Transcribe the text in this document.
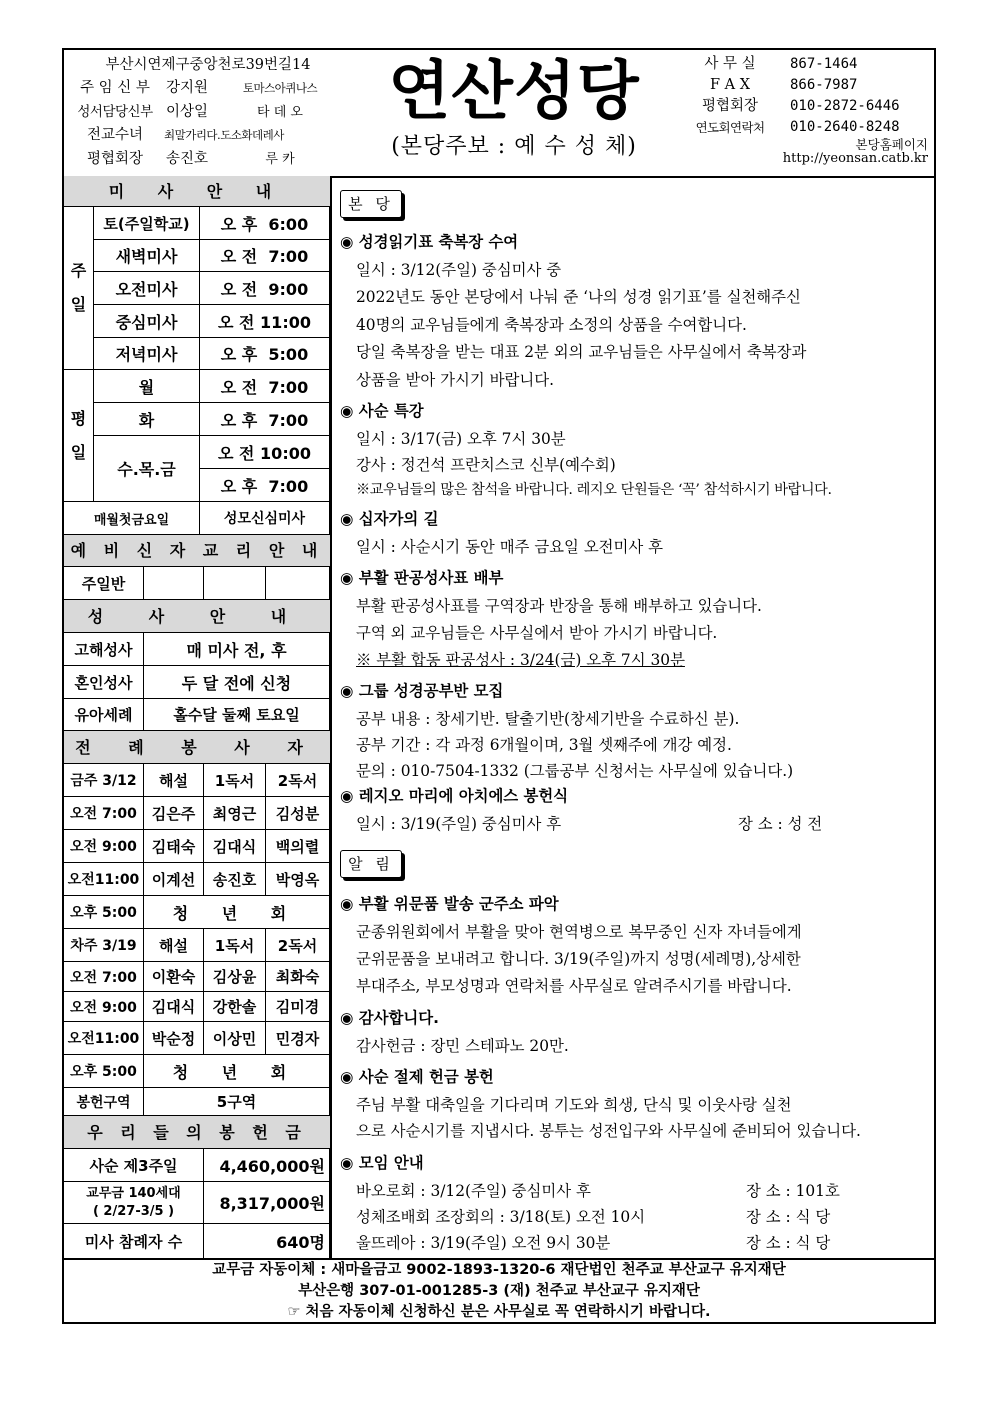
부산시연제구중앙천로39번길14
주 임 신 부	강지원	토마스아퀴나스
성서담당신부 이상일	타 데 오
전교수녀	최말가리다.도소화데레사
평협회장	송진호	루 카
연산성당
(본당주보 : 예 수 성 체)
사 무 실	867-1464
F A X	866-7987
평협회장	010-2872-6446
연도회연락처	010-2640-8248
본당홈페이지
http://yeonsan.catb.kr
미 사 안 내
주일
토(주일학교)	오 후  6:00
새벽미사	오 전  7:00
오전미사	오 전  9:00
중심미사	오 전 11:00
저녁미사	오 후  5:00
평일
월	오 전  7:00
화	오 후  7:00
수.목.금
오 전 10:00
오 후  7:00
매월첫금요일	성모신심미사
예 비 신 자 교 리 안 내
주일반
성 사 안 내
고해성사	매 미사 전, 후
혼인성사	두 달 전에 신청
유아세례	홀수달 둘째 토요일
전 례 봉 사 자
금주 3/12	해설	1독서	2독서
오전 7:00 김은주	최영근	김성분
오전 9:00 김태숙	김대식	백의렬
오전11:00 이계선	송진호	박영옥
오후 5:00	청 년 회
차주 3/19	해설	1독서	2독서
오전 7:00 이환숙	김상윤	최화숙
오전 9:00 김대식	강한솔	김미경
오전11:00 박순정	이상민	민경자
오후 5:00	청 년 회
봉헌구역	5구역
우 리 들 의 봉 헌 금
사순 제3주일	4,460,000원
교무금 140세대
( 2/27-3/5 )	8,317,000원
미사 참례자 수	640명
본 당
◉ 성경읽기표 축복장 수여
일시 : 3/12(주일) 중심미사 중
2022년도 동안 본당에서 나눠 준 ‘나의 성경 읽기표’를 실천해주신
40명의 교우님들에게 축복장과 소정의 상품을 수여합니다.
당일 축복장을 받는 대표 2분 외의 교우님들은 사무실에서 축복장과
상품을 받아 가시기 바랍니다.
◉ 사순 특강
일시 : 3/17(금) 오후 7시 30분
강사 : 정건석 프란치스코 신부(예수회)
※교우님들의 많은 참석을 바랍니다. 레지오 단원들은 ‘꼭’ 참석하시기 바랍니다.
◉ 십자가의 길
일시 : 사순시기 동안 매주 금요일 오전미사 후
◉ 부활 판공성사표 배부
부활 판공성사표를 구역장과 반장을 통해 배부하고 있습니다.
구역 외 교우님들은 사무실에서 받아 가시기 바랍니다.
※ 부활 합동 판공성사 : 3/24(금) 오후 7시 30분
◉ 그룹 성경공부반 모집
공부 내용 : 창세기반. 탈출기반(창세기반을 수료하신 분).
공부 기간 : 각 과정 6개월이며, 3월 셋째주에 개강 예정.
문의 : 010-7504-1332 (그룹공부 신청서는 사무실에 있습니다.)
◉ 레지오 마리에 아치에스 봉헌식
일시 : 3/19(주일) 중심미사 후	장 소 : 성 전
알 림
◉ 부활 위문품 발송 군주소 파악
군종위원회에서 부활을 맞아 현역병으로 복무중인 신자 자녀들에게
군위문품을 보내려고 합니다. 3/19(주일)까지 성명(세례명),상세한
부대주소, 부모성명과 연락처를 사무실로 알려주시기를 바랍니다.
◉ 감사합니다.
감사헌금 : 장민 스테파노 20만.
◉ 사순 절제 헌금 봉헌
주님 부활 대축일을 기다리며 기도와 희생, 단식 및 이웃사랑 실천
으로 사순시기를 지냅시다. 봉투는 성전입구와 사무실에 준비되어 있습니다.
◉ 모임 안내
바오로회 : 3/12(주일) 중심미사 후	장 소 : 101호
성체조배회 조장회의 : 3/18(토) 오전 10시	장 소 : 식 당
울뜨레아 : 3/19(주일) 오전 9시 30분	장 소 : 식 당
교무금 자동이체 : 새마을금고 9002-1893-1320-6 재단법인 천주교 부산교구 유지재단
부산은행 307-01-001285-3 (재) 천주교 부산교구 유지재단
☞ 처음 자동이체 신청하신 분은 사무실로 꼭 연락하시기 바랍니다.
